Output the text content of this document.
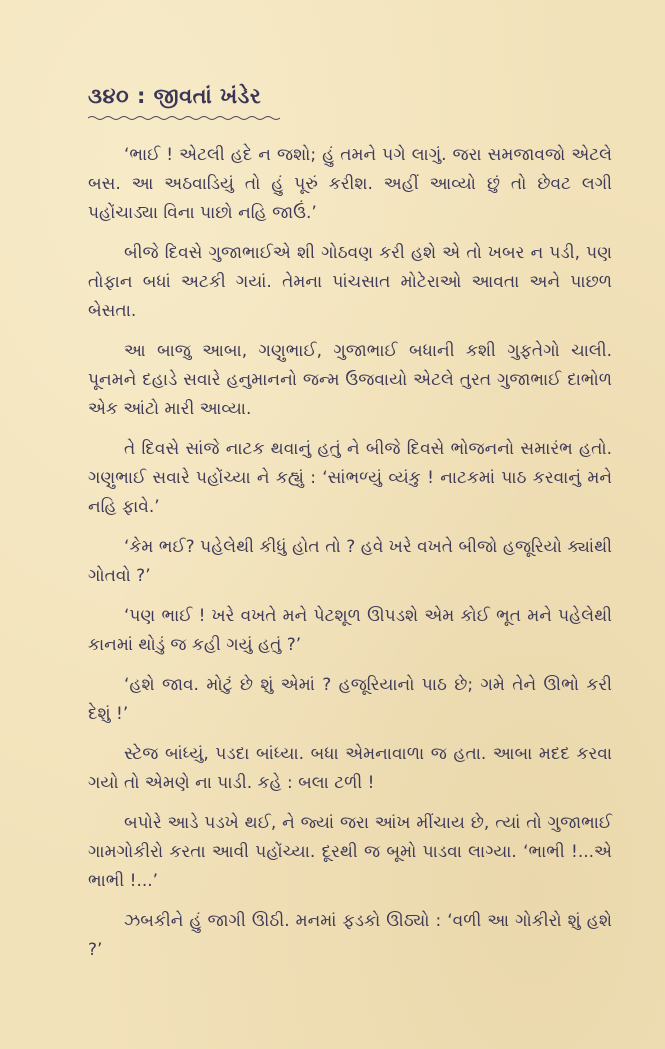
૩૪૦ : જીવતાં ખંડેર

‘ભાઈ ! એટલી હદે ન જશો; હું તમને પગે લાગું. જરા સમજાવજો એટલે બસ. આ અઠવાડિયું તો હું પૂરું કરીશ. અહીં આવ્યો છું તો છેવટ લગી પહોંચાડ્યા વિના પાછો નહિ જાઉં.’

બીજે દિવસે ગુજાભાઈએ શી ગોઠવણ કરી હશે એ તો ખબર ન પડી, પણ તોફાન બધાં અટકી ગયાં. તેમના પાંચસાત મોટેરાઓ આવતા અને પાછળ બેસતા.

આ બાજુ આબા, ગણુભાઈ, ગુજાભાઈ બધાની કશી ગુફતેગો ચાલી. પૂનમને દહાડે સવારે હનુમાનનો જન્મ ઉજવાયો એટલે તુરત ગુજાભાઈ દાભોળ એક આંટો મારી આવ્યા.

તે દિવસે સાંજે નાટક થવાનું હતું ને બીજે દિવસે ભોજનનો સમારંભ હતો. ગણુભાઈ સવારે પહોંચ્યા ને કહ્યું : ‘સાંભળ્યું વ્યંકુ ! નાટકમાં પાઠ કરવાનું મને નહિ ફાવે.’

‘કેમ ભઈ? પહેલેથી કીધું હોત તો ? હવે ખરે વખતે બીજો હજૂરિયો ક્યાંથી ગોતવો ?’

‘પણ ભાઈ ! ખરે વખતે મને પેટશૂળ ઊપડશે એમ કોઈ ભૂત મને પહેલેથી કાનમાં થોડું જ કહી ગયું હતું ?’

‘હશે જાવ. મોટું છે શું એમાં ? હજૂરિયાનો પાઠ છે; ગમે તેને ઊભો કરી દેશું !’

સ્ટેજ બાંધ્યું, પડદા બાંધ્યા. બધા એમનાવાળા જ હતા. આબા મદદ કરવા ગયો તો એમણે ના પાડી. કહે : બલા ટળી !

બપોરે આડે પડખે થઈ, ને જ્યાં જરા આંખ મીંચાય છે, ત્યાં તો ગુજાભાઈ ગામગોકીરો કરતા આવી પહોંચ્યા. દૂરથી જ બૂમો પાડવા લાગ્યા. ‘ભાભી !...એ ભાભી !...’

ઝબકીને હું જાગી ઊઠી. મનમાં ફડકો ઊઠ્યો : ‘વળી આ ગોકીરો શું હશે ?’
